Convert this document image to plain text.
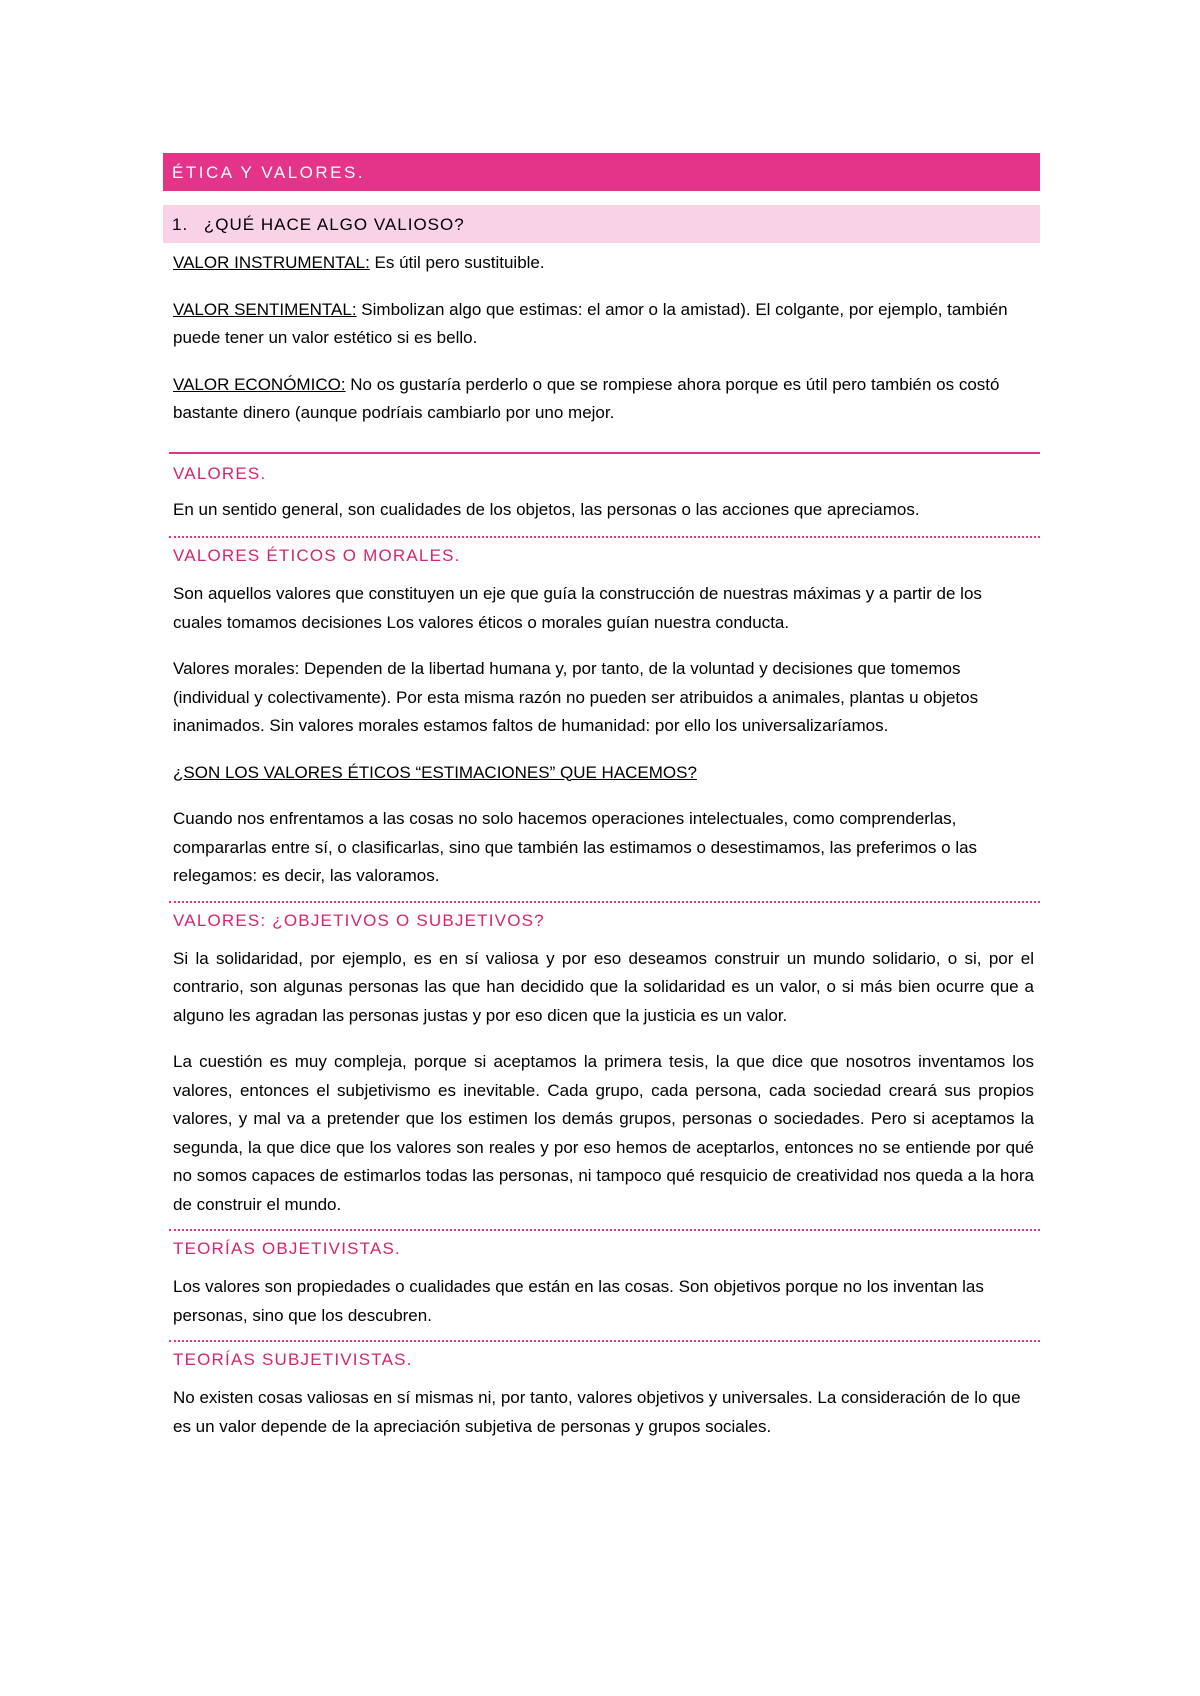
ÉTICA Y VALORES.
1. ¿QUÉ HACE ALGO VALIOSO?

VALOR INSTRUMENTAL: Es útil pero sustituible.

VALOR SENTIMENTAL: Simbolizan algo que estimas: el amor o la amistad). El colgante, por ejemplo, también puede tener un valor estético si es bello.

VALOR ECONÓMICO: No os gustaría perderlo o que se rompiese ahora porque es útil pero también os costó bastante dinero (aunque podríais cambiarlo por uno mejor.

VALORES.

En un sentido general, son cualidades de los objetos, las personas o las acciones que apreciamos.

VALORES ÉTICOS O MORALES.

Son aquellos valores que constituyen un eje que guía la construcción de nuestras máximas y a partir de los cuales tomamos decisiones Los valores éticos o morales guían nuestra conducta.

Valores morales: Dependen de la libertad humana y, por tanto, de la voluntad y decisiones que tomemos (individual y colectivamente). Por esta misma razón no pueden ser atribuidos a animales, plantas u objetos inanimados. Sin valores morales estamos faltos de humanidad: por ello los universalizaríamos.

¿SON LOS VALORES ÉTICOS “ESTIMACIONES” QUE HACEMOS?

Cuando nos enfrentamos a las cosas no solo hacemos operaciones intelectuales, como comprenderlas, compararlas entre sí, o clasificarlas, sino que también las estimamos o desestimamos, las preferimos o las relegamos: es decir, las valoramos.

VALORES: ¿OBJETIVOS O SUBJETIVOS?

Si la solidaridad, por ejemplo, es en sí valiosa y por eso deseamos construir un mundo solidario, o si, por el contrario, son algunas personas las que han decidido que la solidaridad es un valor, o si más bien ocurre que a alguno les agradan las personas justas y por eso dicen que la justicia es un valor.

La cuestión es muy compleja, porque si aceptamos la primera tesis, la que dice que nosotros inventamos los valores, entonces el subjetivismo es inevitable. Cada grupo, cada persona, cada sociedad creará sus propios valores, y mal va a pretender que los estimen los demás grupos, personas o sociedades. Pero si aceptamos la segunda, la que dice que los valores son reales y por eso hemos de aceptarlos, entonces no se entiende por qué no somos capaces de estimarlos todas las personas, ni tampoco qué resquicio de creatividad nos queda a la hora de construir el mundo.

TEORÍAS OBJETIVISTAS.

Los valores son propiedades o cualidades que están en las cosas. Son objetivos porque no los inventan las personas, sino que los descubren.

TEORÍAS SUBJETIVISTAS.

No existen cosas valiosas en sí mismas ni, por tanto, valores objetivos y universales. La consideración de lo que es un valor depende de la apreciación subjetiva de personas y grupos sociales.
